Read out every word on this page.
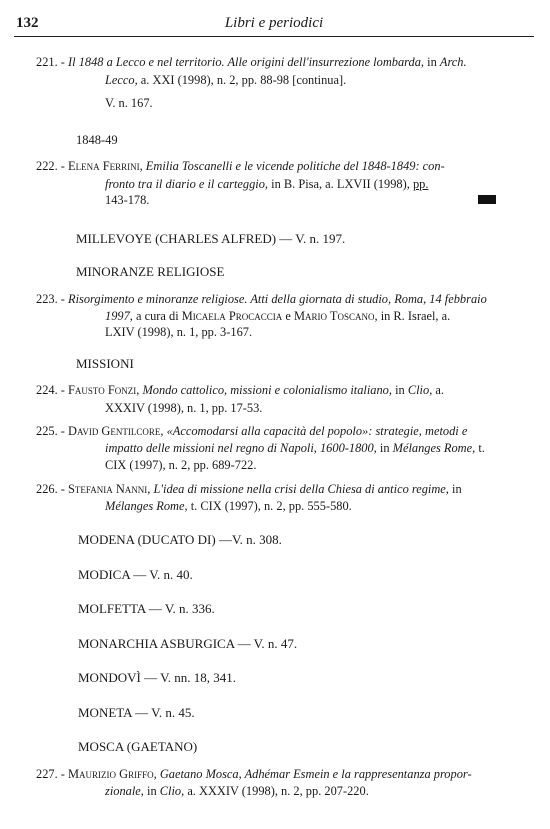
132	Libri e periodici
221. - Il 1848 a Lecco e nel territorio. Alle origini dell'insurrezione lombarda, in Arch.
Lecco, a. XXI (1998), n. 2, pp. 88-98 [continua].
V. n. 167.
1848-49
222. - Elena Ferrini, Emilia Toscanelli e le vicende politiche del 1848-1849: con-
fronto tra il diario e il carteggio, in B. Pisa, a. LXVII (1998), pp.
143-178.
MILLEVOYE (CHARLES ALFRED) — V. n. 197.
MINORANZE RELIGIOSE
223. - Risorgimento e minoranze religiose. Atti della giornata di studio, Roma, 14 febbraio
1997, a cura di Micaela Procaccia e Mario Toscano, in R. Israel, a.
LXIV (1998), n. 1, pp. 3-167.
MISSIONI
224. - Fausto Fonzi, Mondo cattolico, missioni e colonialismo italiano, in Clio, a.
XXXIV (1998), n. 1, pp. 17-53.
225. - David Gentilcore, «Accomodarsi alla capacità del popolo»: strategie, metodi e
impatto delle missioni nel regno di Napoli, 1600-1800, in Mélanges Rome, t.
CIX (1997), n. 2, pp. 689-722.
226. - Stefania Nanni, L'idea di missione nella crisi della Chiesa di antico regime, in
Mélanges Rome, t. CIX (1997), n. 2, pp. 555-580.
MODENA (DUCATO DI) —V. n. 308.
MODICA — V. n. 40.
MOLFETTA — V. n. 336.
MONARCHIA ASBURGICA — V. n. 47.
MONDOVÌ — V. nn. 18, 341.
MONETA — V. n. 45.
MOSCA (GAETANO)
227. - Maurizio Griffo, Gaetano Mosca, Adhémar Esmein e la rappresentanza propor-
zionale, in Clio, a. XXXIV (1998), n. 2, pp. 207-220.
